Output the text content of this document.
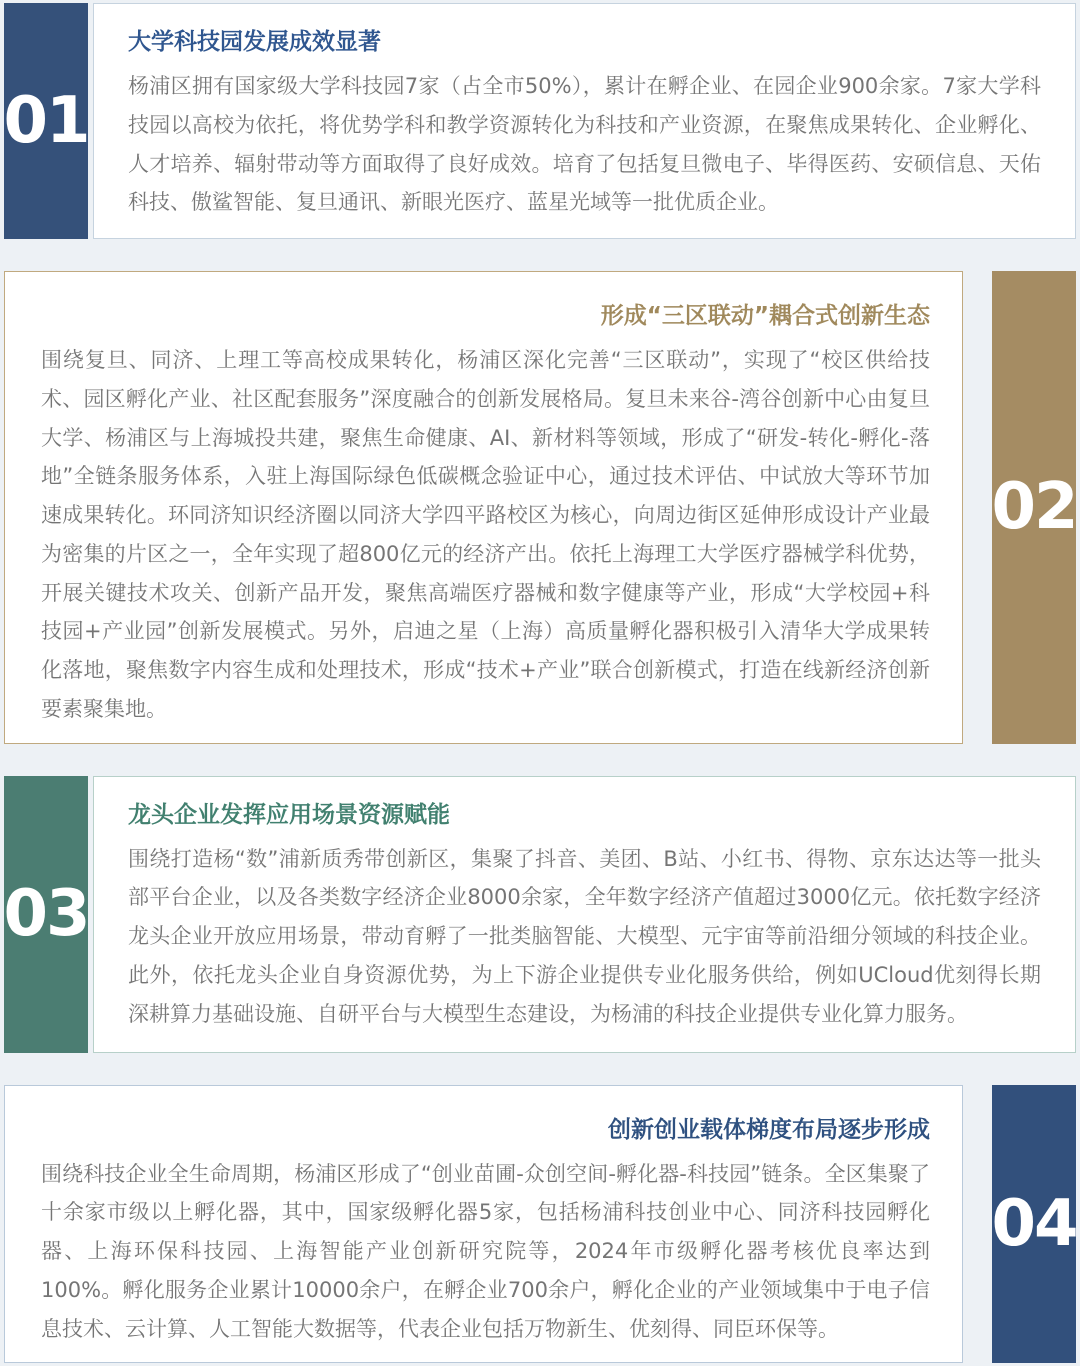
01
大学科技园发展成效显著

杨浦区拥有国家级大学科技园7家（占全市50%），累计在孵企业、在园企业900余家。7家大学科技园以高校为依托，将优势学科和教学资源转化为科技和产业资源，在聚焦成果转化、企业孵化、人才培养、辐射带动等方面取得了良好成效。培育了包括复旦微电子、毕得医药、安硕信息、天佑科技、傲鲨智能、复旦通讯、新眼光医疗、蓝星光域等一批优质企业。

形成“三区联动”耦合式创新生态

围绕复旦、同济、上理工等高校成果转化，杨浦区深化完善“三区联动”，实现了“校区供给技术、园区孵化产业、社区配套服务”深度融合的创新发展格局。复旦未来谷-湾谷创新中心由复旦大学、杨浦区与上海城投共建，聚焦生命健康、AI、新材料等领域，形成了“研发-转化-孵化-落地”全链条服务体系，入驻上海国际绿色低碳概念验证中心，通过技术评估、中试放大等环节加速成果转化。环同济知识经济圈以同济大学四平路校区为核心，向周边街区延伸形成设计产业最为密集的片区之一，全年实现了超800亿元的经济产出。依托上海理工大学医疗器械学科优势，开展关键技术攻关、创新产品开发，聚焦高端医疗器械和数字健康等产业，形成“大学校园+科技园+产业园”创新发展模式。另外，启迪之星（上海）高质量孵化器积极引入清华大学成果转化落地，聚焦数字内容生成和处理技术，形成“技术+产业”联合创新模式，打造在线新经济创新要素聚集地。

02
03
龙头企业发挥应用场景资源赋能

围绕打造杨“数”浦新质秀带创新区，集聚了抖音、美团、B站、小红书、得物、京东达达等一批头部平台企业，以及各类数字经济企业8000余家，全年数字经济产值超过3000亿元。依托数字经济龙头企业开放应用场景，带动育孵了一批类脑智能、大模型、元宇宙等前沿细分领域的科技企业。此外，依托龙头企业自身资源优势，为上下游企业提供专业化服务供给，例如UCloud优刻得长期深耕算力基础设施、自研平台与大模型生态建设，为杨浦的科技企业提供专业化算力服务。

创新创业载体梯度布局逐步形成

围绕科技企业全生命周期，杨浦区形成了“创业苗圃-众创空间-孵化器-科技园”链条。全区集聚了十余家市级以上孵化器，其中，国家级孵化器5家，包括杨浦科技创业中心、同济科技园孵化器、上海环保科技园、上海智能产业创新研究院等，2024年市级孵化器考核优良率达到100%。孵化服务企业累计10000余户，在孵企业700余户，孵化企业的产业领域集中于电子信息技术、云计算、人工智能大数据等，代表企业包括万物新生、优刻得、同臣环保等。

04
